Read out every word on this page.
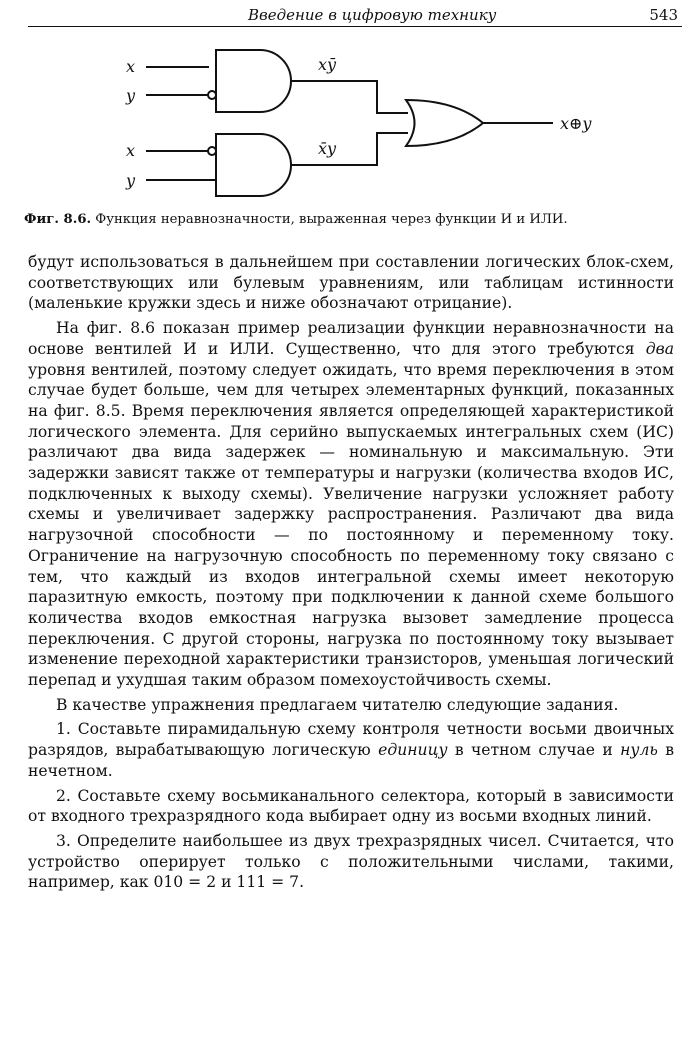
Введение в цифровую технику	543
x
y
x
y
xȳ
x̄y
x⊕y
Фиг. 8.6. Функция неравнозначности, выраженная через функции И и ИЛИ.

будут использоваться в дальнейшем при составлении логических блок-схем, соответствующих или булевым уравнениям, или таблицам истинности (маленькие кружки здесь и ниже обозначают отрицание).

На фиг. 8.6 показан пример реализации функции неравнозначности на основе вентилей И и ИЛИ. Существенно, что для этого требуются два уровня вентилей, поэтому следует ожидать, что время переключения в этом случае будет больше, чем для четырех элементарных функций, показанных на фиг. 8.5. Время переключения является определяющей характеристикой логического элемента. Для серийно выпускаемых интегральных схем (ИС) различают два вида задержек — номинальную и максимальную. Эти задержки зависят также от температуры и нагрузки (количества входов ИС, подключенных к выходу схемы). Увеличение нагрузки усложняет работу схемы и увеличивает задержку распространения. Различают два вида нагрузочной способности — по постоянному и переменному току. Ограничение на нагрузочную способность по переменному току связано с тем, что каждый из входов интегральной схемы имеет некоторую паразитную емкость, поэтому при подключении к данной схеме большого количества входов емкостная нагрузка вызовет замедление процесса переключения. С другой стороны, нагрузка по постоянному току вызывает изменение переходной характеристики транзисторов, уменьшая логический перепад и ухудшая таким образом помехоустойчивость схемы.

В качестве упражнения предлагаем читателю следующие задания.

1. Составьте пирамидальную схему контроля четности восьми двоичных разрядов, вырабатывающую логическую единицу в четном случае и нуль в нечетном.

2. Составьте схему восьмиканального селектора, который в зависимости от входного трехразрядного кода выбирает одну из восьми входных линий.

3. Определите наибольшее из двух трехразрядных чисел. Считается, что устройство оперирует только с положительными числами, такими, например, как 010 = 2 и 111 = 7.
